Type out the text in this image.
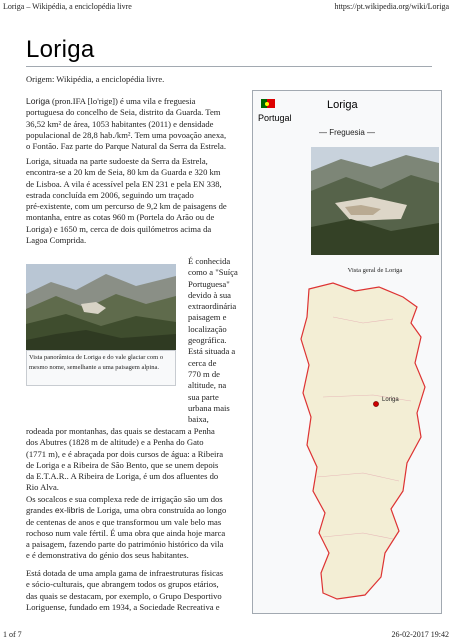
Loriga – Wikipédia, a enciclopédia livre	https://pt.wikipedia.org/wiki/Loriga
Loriga
Origem: Wikipédia, a enciclopédia livre.

Loriga (pron.IFA [lo'rigɐ]) é uma vila e freguesia
portuguesa do concelho de Seia, distrito da Guarda. Tem
36,52 km² de área, 1053 habitantes (2011) e densidade
populacional de 28,8 hab./km². Tem uma povoação anexa,
o Fontão. Faz parte do Parque Natural da Serra da Estrela.

Loriga, situada na parte sudoeste da Serra da Estrela,
encontra-se a 20 km de Seia, 80 km da Guarda e 320 km
de Lisboa. A vila é acessível pela EN 231 e pela EN 338,
estrada concluída em 2006, seguindo um traçado
pré-existente, com um percurso de 9,2 km de paisagens de
montanha, entre as cotas 960 m (Portela do Arão ou de
Loriga) e 1650 m, cerca de dois quilómetros acima da
Lagoa Comprida.

Vista panorâmica de Loriga e do vale glaciar com o mesmo nome, semelhante a uma paisagem alpina.

É conhecida
como a "Suíça
Portuguesa"
devido à sua
extraordinária
paisagem e
localização
geográfica.
Está situada a
cerca de
770 m de
altitude, na
sua parte
urbana mais
baixa,

rodeada por montanhas, das quais se destacam a Penha
dos Abutres (1828 m de altitude) e a Penha do Gato
(1771 m), e é abraçada por dois cursos de água: a Ribeira
de Loriga e a Ribeira de São Bento, que se unem depois
da E.T.A.R.. A Ribeira de Loriga, é um dos afluentes do
Rio Alva.

Os socalcos e sua complexa rede de irrigação são um dos
grandes ex-libris de Loriga, uma obra construída ao longo
de centenas de anos e que transformou um vale belo mas
rochoso num vale fértil. É uma obra que ainda hoje marca
a paisagem, fazendo parte do património histórico da vila
e é demonstrativa do génio dos seus habitantes.

Está dotada de uma ampla gama de infraestruturas físicas
e sócio-culturais, que abrangem todos os grupos etários,
das quais se destacam, por exemplo, o Grupo Desportivo
Loriguense, fundado em 1934, a Sociedade Recreativa e

Portugal
Loriga
— Freguesia —
Vista geral de Loriga
Loriga
1 of 7	26-02-2017 19:42
